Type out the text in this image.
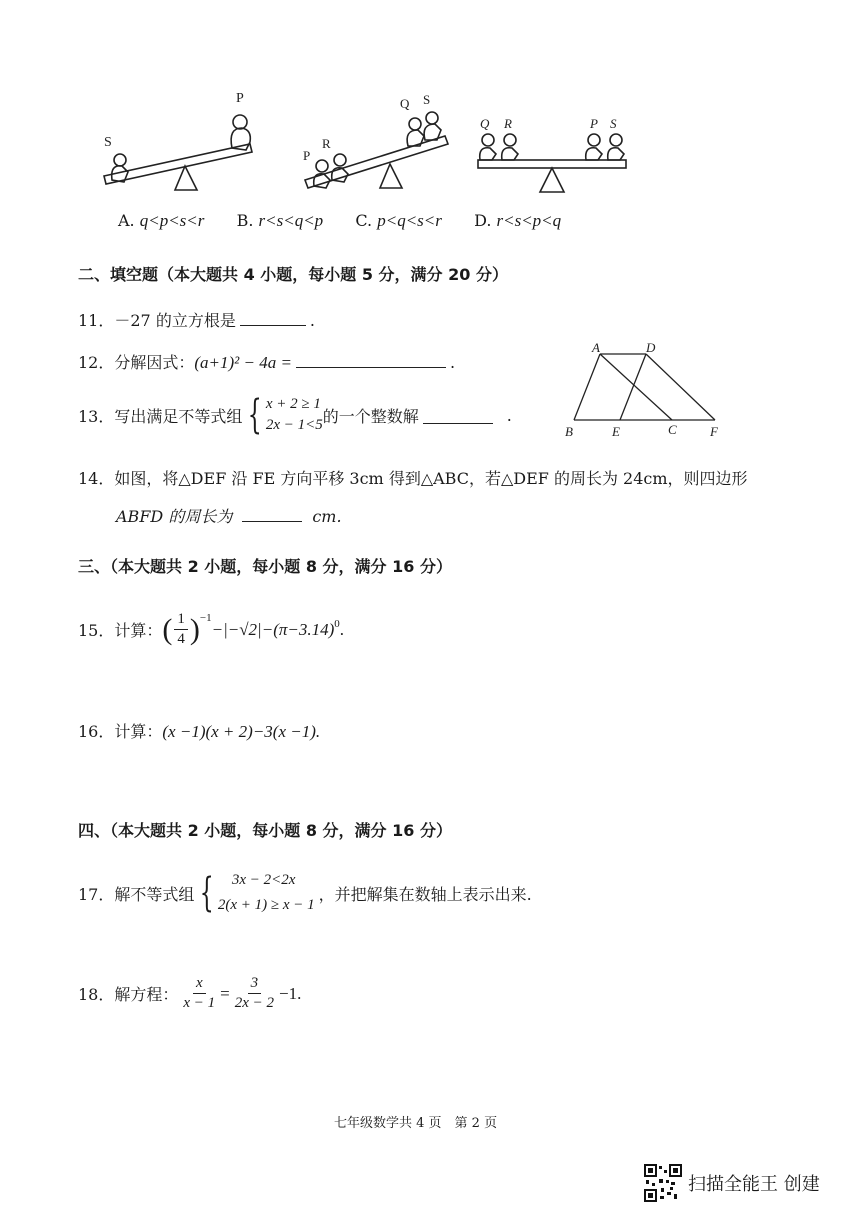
S
P
P
R
Q S
Q R	P S
A. q<p<s<r B. r<s<q<p C. p<q<s<r D. r<s<p<q
二、填空题（本大题共 4 小题，每小题 5 分，满分 20 分）
11．－27 的立方根是	.
12．分解因式：(a+1)² − 4a =	.
13． 写出满足不等式组 { x + 2 ≥ 1
2x − 1<5 的一个整数解	.
A	D
B	E	C	F
14．如图，将△DEF 沿 FE 方向平移 3cm 得到△ABC，若△DEF 的周长为 24cm，则四边形
ABFD 的周长为	cm.
三、（本大题共 2 小题，每小题 8 分，满分 16 分）
15． 计算： ( $\frac{1}{4} )^{-1}$
$-|-√2|-(\pi-3.14)^0$ .
16．计算：(x −1)(x + 2)−3(x −1).
四、（本大题共 2 小题，每小题 8 分，满分 16 分）
17． 解不等式组 {	3x − 2<2x
2(x + 1) ≥ x − 1
，并把解集在数轴上表示出来.
18． 解方程： $\frac{x}{x - 1} = \frac{3}{2x - 2} -1$.
七年级数学共 4 页　第 2 页
扫描全能王 创建
